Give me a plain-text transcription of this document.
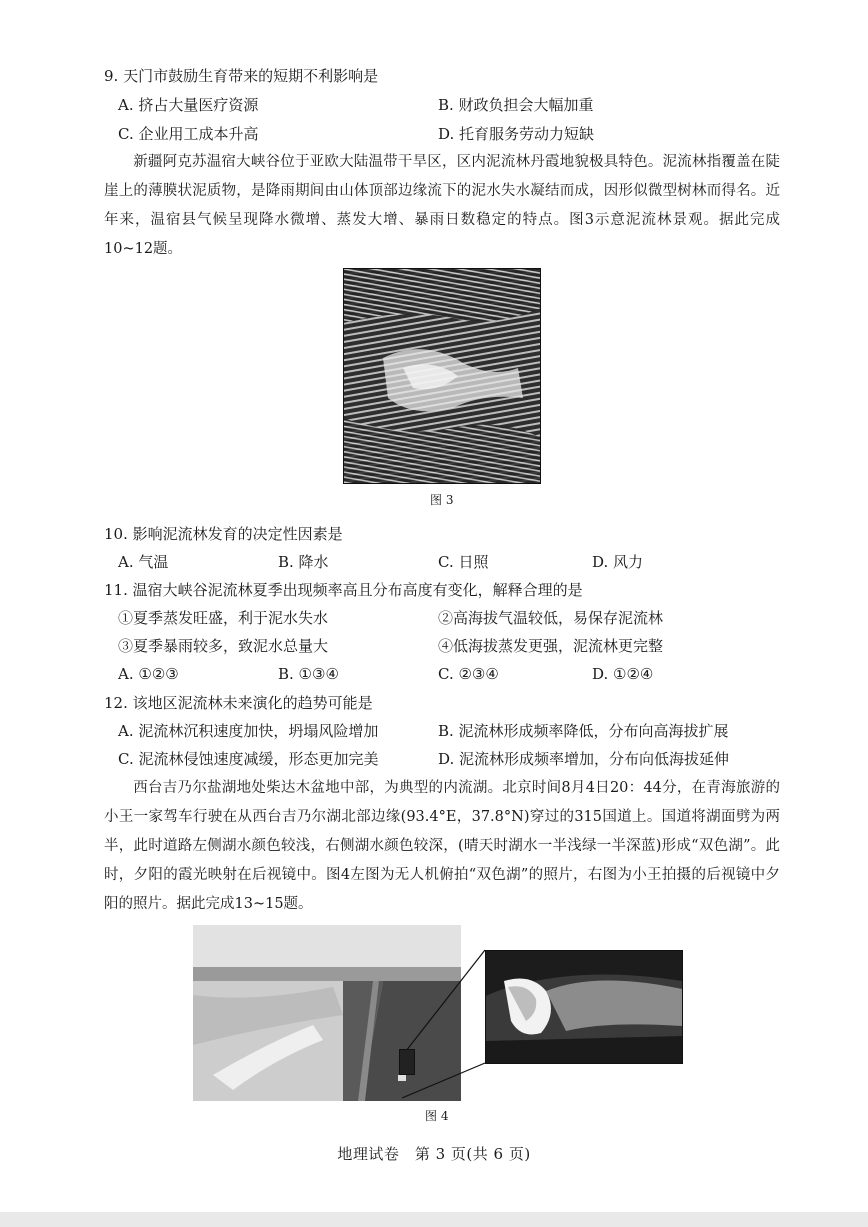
9. 天门市鼓励生育带来的短期不利影响是
A. 挤占大量医疗资源	B. 财政负担会大幅加重
C. 企业用工成本升高	D. 托育服务劳动力短缺
新疆阿克苏温宿大峡谷位于亚欧大陆温带干旱区，区内泥流林丹霞地貌极具特色。泥流林指覆盖在陡崖上的薄膜状泥质物，是降雨期间由山体顶部边缘流下的泥水失水凝结而成，因形似微型树林而得名。近年来，温宿县气候呈现降水微增、蒸发大增、暴雨日数稳定的特点。图3示意泥流林景观。据此完成10~12题。
图 3
10. 影响泥流林发育的决定性因素是
A. 气温	B. 降水	C. 日照	D. 风力
11. 温宿大峡谷泥流林夏季出现频率高且分布高度有变化，解释合理的是
①夏季蒸发旺盛，利于泥水失水	②高海拔气温较低，易保存泥流林
③夏季暴雨较多，致泥水总量大	④低海拔蒸发更强，泥流林更完整
A. ①②③	B. ①③④	C. ②③④	D. ①②④
12. 该地区泥流林未来演化的趋势可能是
A. 泥流林沉积速度加快，坍塌风险增加	B. 泥流林形成频率降低，分布向高海拔扩展
C. 泥流林侵蚀速度减缓，形态更加完美	D. 泥流林形成频率增加，分布向低海拔延伸
西台吉乃尔盐湖地处柴达木盆地中部，为典型的内流湖。北京时间8月4日20：44分，在青海旅游的小王一家驾车行驶在从西台吉乃尔湖北部边缘(93.4°E，37.8°N)穿过的315国道上。国道将湖面劈为两半，此时道路左侧湖水颜色较浅，右侧湖水颜色较深，(晴天时湖水一半浅绿一半深蓝)形成“双色湖”。此时，夕阳的霞光映射在后视镜中。图4左图为无人机俯拍“双色湖”的照片，右图为小王拍摄的后视镜中夕阳的照片。据此完成13~15题。
图 4
地理试卷　第 3 页(共 6 页)
